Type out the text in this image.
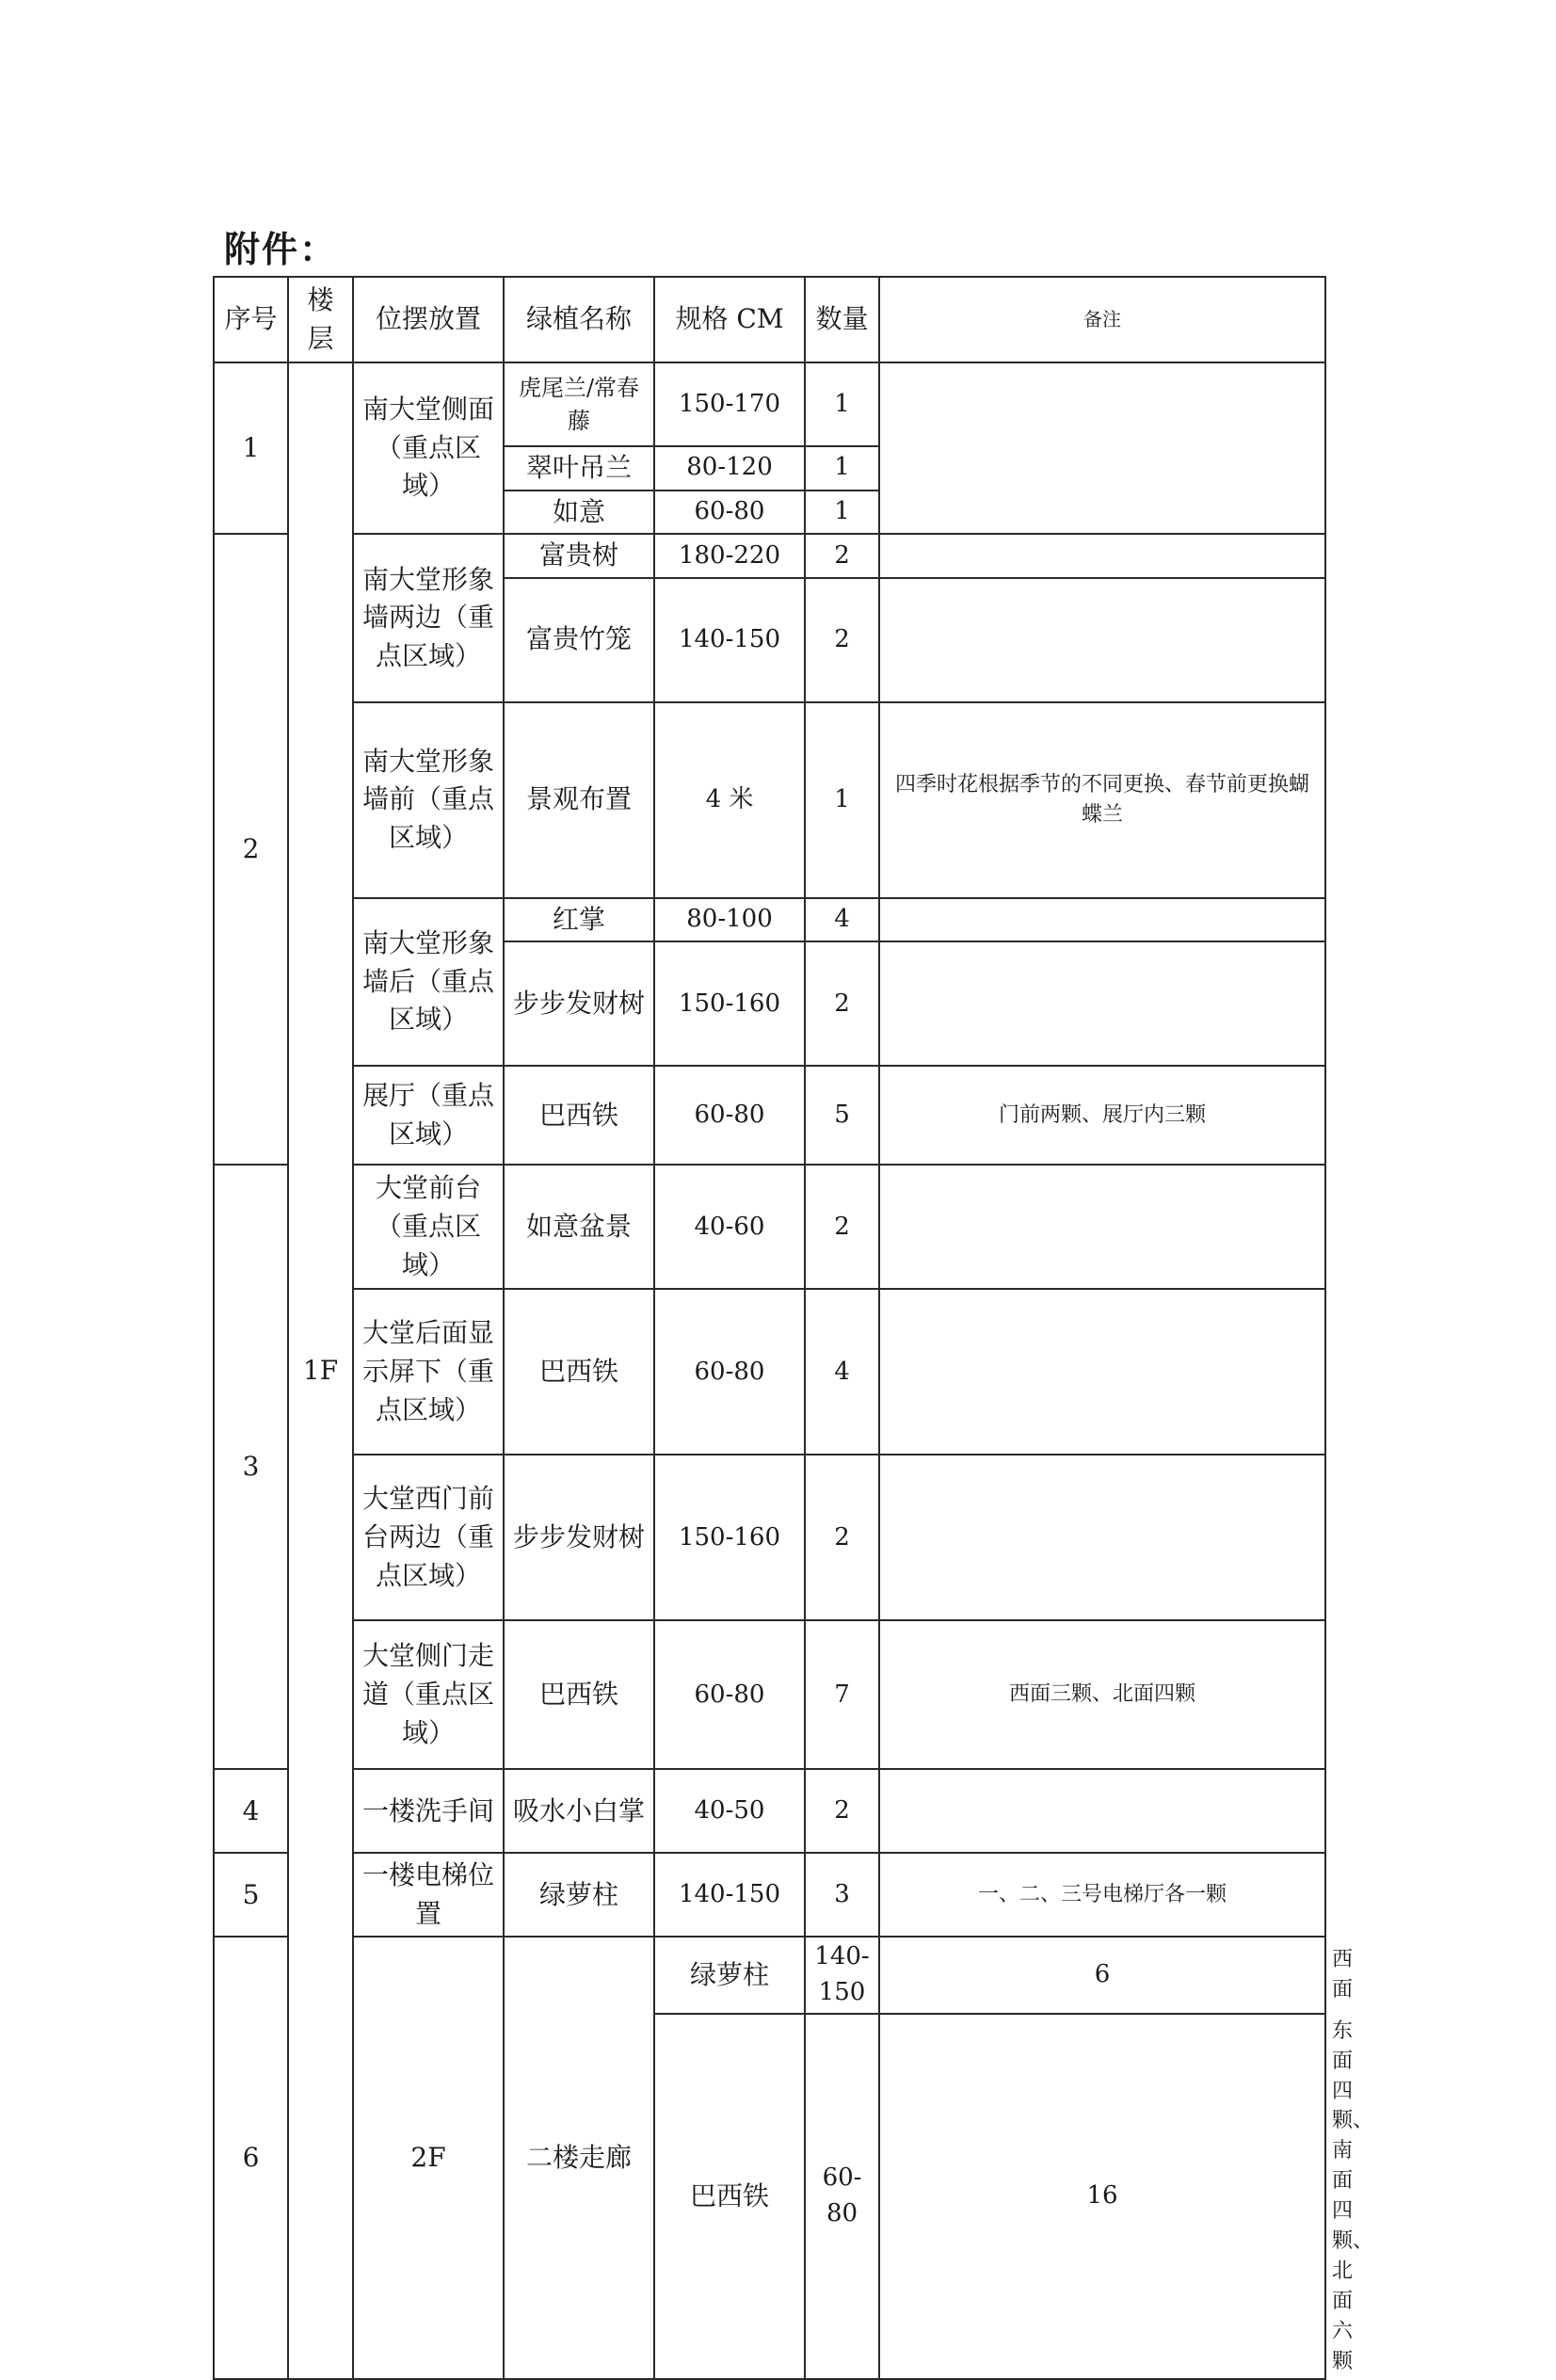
附件：
序号	楼层	位摆放置	绿植名称	规格 CM	数量	备注	
1	1F	南大堂侧面（重点区域）	虎尾兰/常春藤	150-170	1		
			翠叶吊兰	80-120	1		
			如意	60-80	1		
2		南大堂形象墙两边（重点区域）	富贵树	180-220	2		
			富贵竹笼	140-150	2		
		南大堂形象墙前（重点区域）	景观布置	4 米	1	四季时花根据季节的不同更换、春节前更换蝴蝶兰	
		南大堂形象墙后（重点区域）	红掌	80-100	4		
			步步发财树	150-160	2		
		展厅（重点区域）	巴西铁	60-80	5	门前两颗、展厅内三颗	
3		大堂前台（重点区域）	如意盆景	40-60	2		
		大堂后面显示屏下（重点区域）	巴西铁	60-80	4		
		大堂西门前台两边（重点区域）	步步发财树	150-160	2		
		大堂侧门走道（重点区域）	巴西铁	60-80	7	西面三颗、北面四颗	
4		一楼洗手间	吸水小白掌	40-50	2		
5		一楼电梯位置	绿萝柱	140-150	3	一、二、三号电梯厅各一颗	
6		2F	二楼走廊	绿萝柱	140-150	6	西面
				巴西铁	60-80	16	东面四颗、南面四颗、北面六颗
